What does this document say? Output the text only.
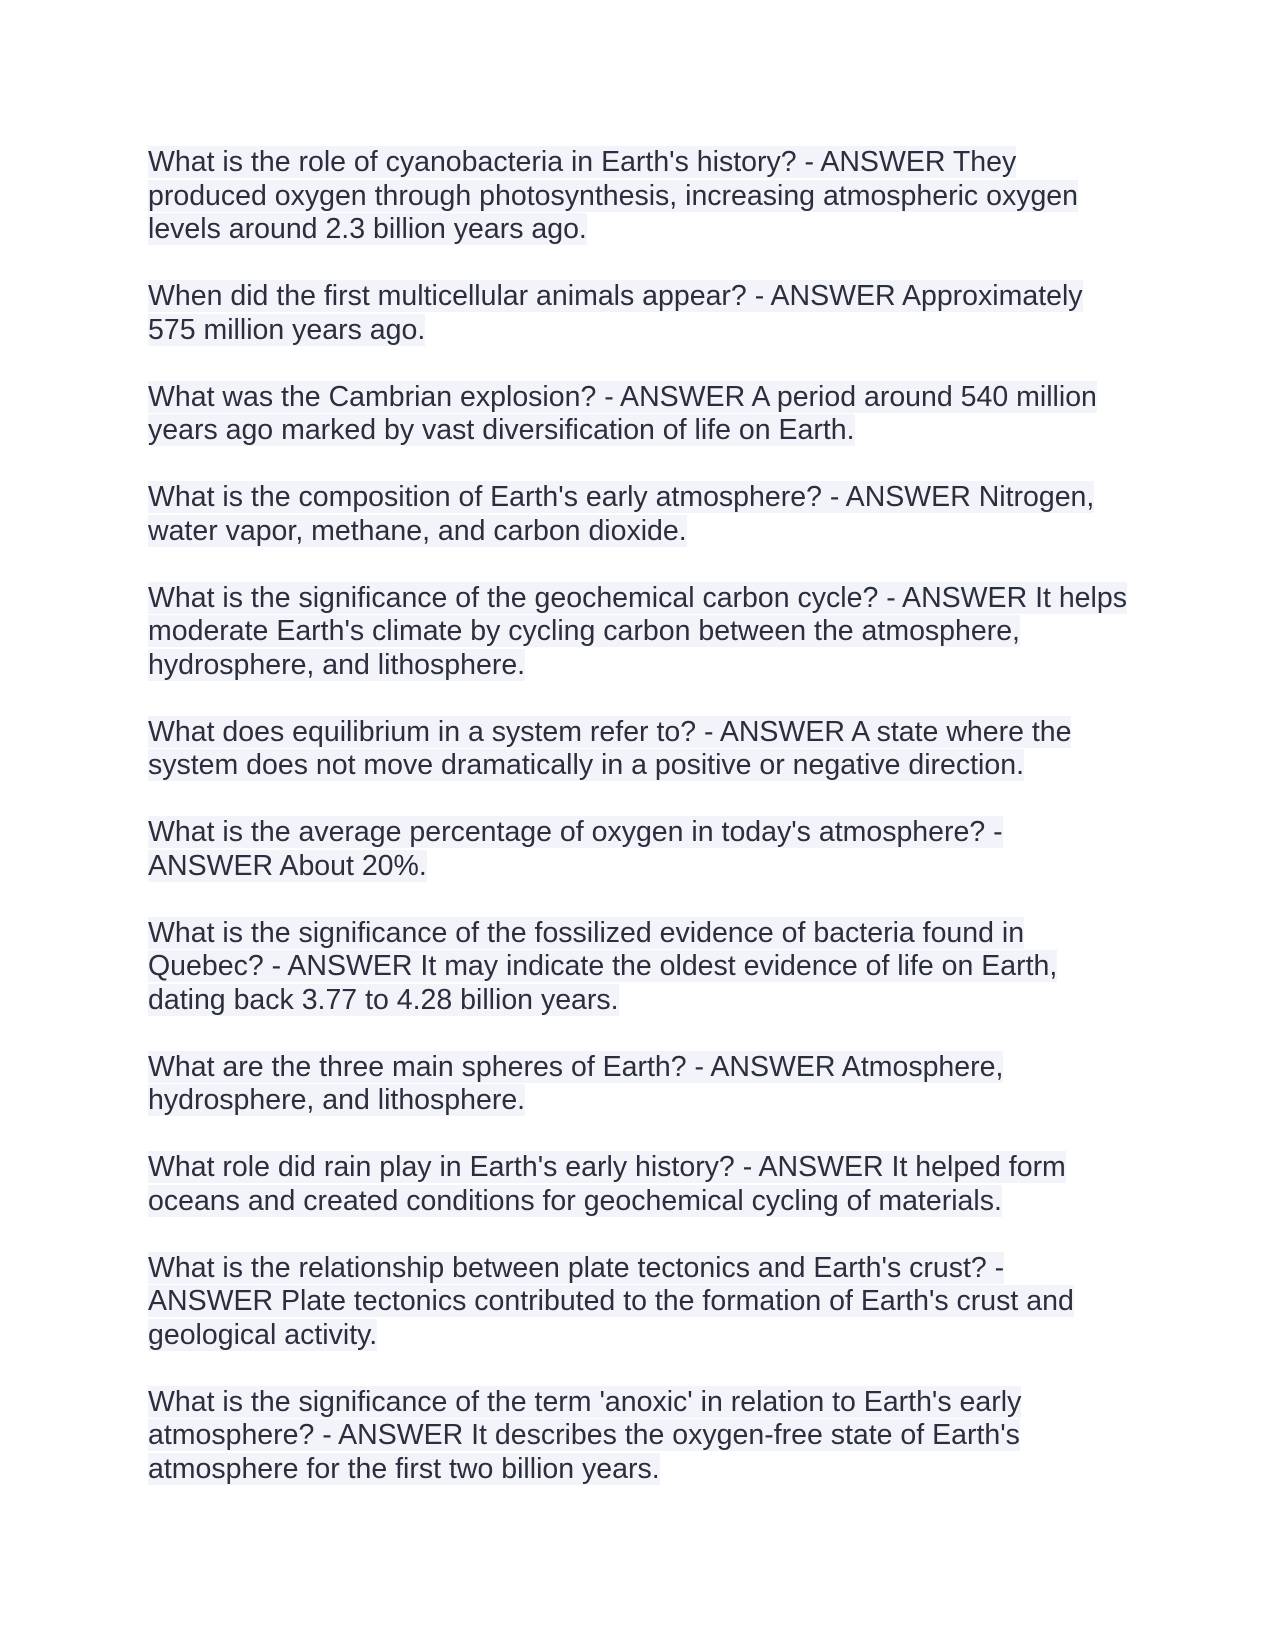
What is the role of cyanobacteria in Earth's history? - ANSWER They produced oxygen through photosynthesis, increasing atmospheric oxygen levels around 2.3 billion years ago.

When did the first multicellular animals appear? - ANSWER Approximately 575 million years ago.

What was the Cambrian explosion? - ANSWER A period around 540 million years ago marked by vast diversification of life on Earth.

What is the composition of Earth's early atmosphere? - ANSWER Nitrogen, water vapor, methane, and carbon dioxide.

What is the significance of the geochemical carbon cycle? - ANSWER It helps moderate Earth's climate by cycling carbon between the atmosphere, hydrosphere, and lithosphere.

What does equilibrium in a system refer to? - ANSWER A state where the system does not move dramatically in a positive or negative direction.

What is the average percentage of oxygen in today's atmosphere? - ANSWER About 20%.

What is the significance of the fossilized evidence of bacteria found in Quebec? - ANSWER It may indicate the oldest evidence of life on Earth, dating back 3.77 to 4.28 billion years.

What are the three main spheres of Earth? - ANSWER Atmosphere, hydrosphere, and lithosphere.

What role did rain play in Earth's early history? - ANSWER It helped form oceans and created conditions for geochemical cycling of materials.

What is the relationship between plate tectonics and Earth's crust? - ANSWER Plate tectonics contributed to the formation of Earth's crust and geological activity.

What is the significance of the term 'anoxic' in relation to Earth's early atmosphere? - ANSWER It describes the oxygen-free state of Earth's atmosphere for the first two billion years.
